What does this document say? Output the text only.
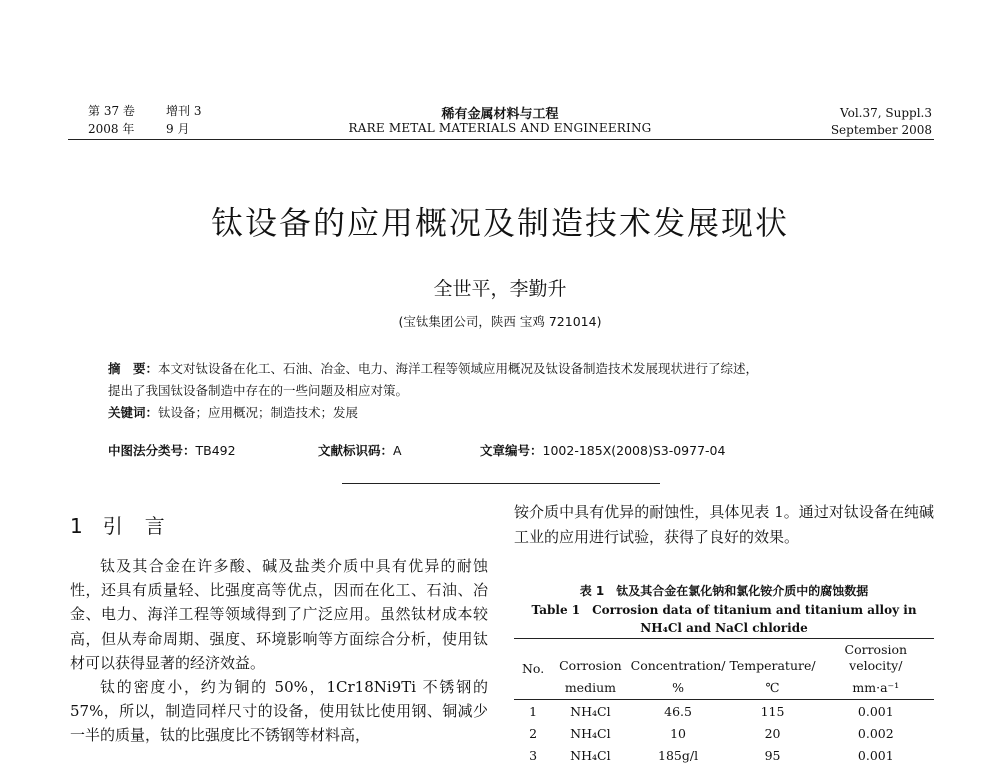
第 37 卷	增刊 3
2008 年	9 月
稀有金属材料与工程
RARE METAL MATERIALS AND ENGINEERING
Vol.37, Suppl.3
September 2008
钛设备的应用概况及制造技术发展现状
全世平，李勤升
(宝钛集团公司，陕西 宝鸡 721014)
摘　要：本文对钛设备在化工、石油、冶金、电力、海洋工程等领域应用概况及钛设备制造技术发展现状进行了综述，
提出了我国钛设备制造中存在的一些问题及相应对策。
关键词：钛设备；应用概况；制造技术；发展
中图法分类号：TB492	文献标识码：A	文章编号：1002-185X(2008)S3-0977-04
1 引 言

钛及其合金在许多酸、碱及盐类介质中具有优异的耐蚀性，还具有质量轻、比强度高等优点，因而在化工、石油、冶金、电力、海洋工程等领域得到了广泛应用。虽然钛材成本较高，但从寿命周期、强度、环境影响等方面综合分析，使用钛材可以获得显著的经济效益。

钛的密度小，约为铜的 50%，1Cr18Ni9Ti 不锈钢的 57%，所以，制造同样尺寸的设备，使用钛比使用钢、铜减少一半的质量，钛的比强度比不锈钢等材料高，

铵介质中具有优异的耐蚀性，具体见表 1。通过对钛设备在纯碱工业的应用进行试验，获得了良好的效果。

表 1　钛及其合金在氯化钠和氯化铵介质中的腐蚀数据
Table 1　Corrosion data of titanium and titanium alloy in
NH₄Cl and NaCl chloride
No.	Corrosion	Concentration/	Temperature/	Corrosion velocity/
	medium	%	℃	mm·a⁻¹
1	NH₄Cl	46.5	115	0.001
2	NH₄Cl	10	20	0.002
3	NH₄Cl	185g/l	95	0.001
